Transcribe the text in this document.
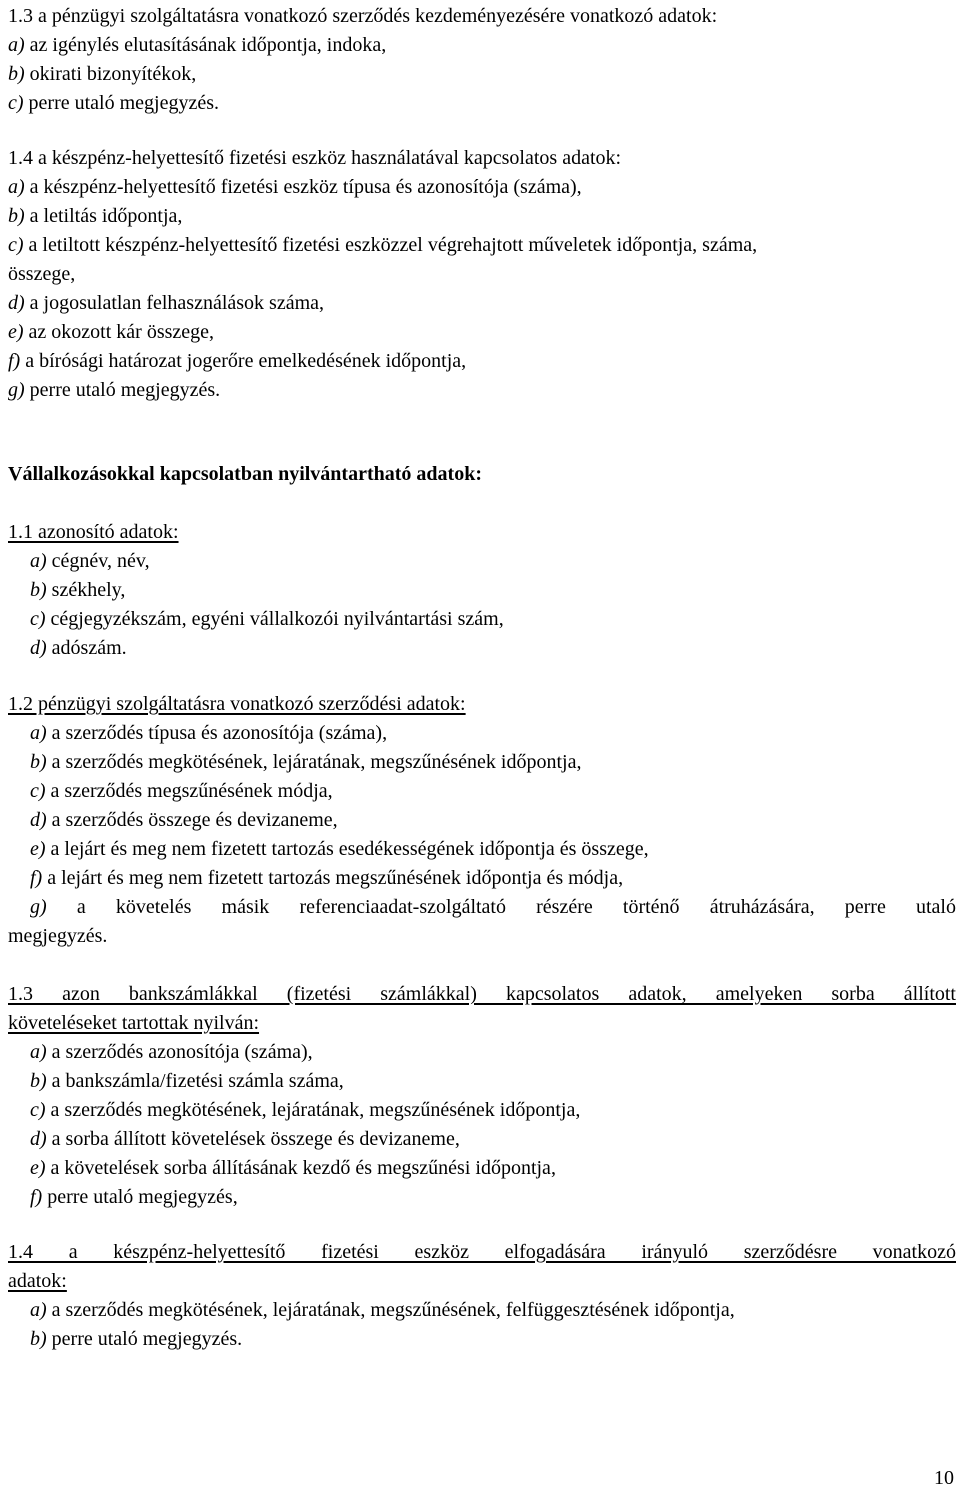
1.3 a pénzügyi szolgáltatásra vonatkozó szerződés kezdeményezésére vonatkozó adatok:
a) az igénylés elutasításának időpontja, indoka,
b) okirati bizonyítékok,
c) perre utaló megjegyzés.
1.4 a készpénz-helyettesítő fizetési eszköz használatával kapcsolatos adatok:
a) a készpénz-helyettesítő fizetési eszköz típusa és azonosítója (száma),
b) a letiltás időpontja,
c) a letiltott készpénz-helyettesítő fizetési eszközzel végrehajtott műveletek időpontja, száma,
összege,
d) a jogosulatlan felhasználások száma,
e) az okozott kár összege,
f) a bírósági határozat jogerőre emelkedésének időpontja,
g) perre utaló megjegyzés.
Vállalkozásokkal kapcsolatban nyilvántartható adatok:
1.1 azonosító adatok:
a) cégnév, név,
b) székhely,
c) cégjegyzékszám, egyéni vállalkozói nyilvántartási szám,
d) adószám.
1.2 pénzügyi szolgáltatásra vonatkozó szerződési adatok:
a) a szerződés típusa és azonosítója (száma),
b) a szerződés megkötésének, lejáratának, megszűnésének időpontja,
c) a szerződés megszűnésének módja,
d) a szerződés összege és devizaneme,
e) a lejárt és meg nem fizetett tartozás esedékességének időpontja és összege,
f) a lejárt és meg nem fizetett tartozás megszűnésének időpontja és módja,
g) a követelés másik referenciaadat-szolgáltató részére történő átruházására, perre utaló
megjegyzés.
1.3 azon bankszámlákkal (fizetési számlákkal) kapcsolatos adatok, amelyeken sorba állított
követeléseket tartottak nyilván:
a) a szerződés azonosítója (száma),
b) a bankszámla/fizetési számla száma,
c) a szerződés megkötésének, lejáratának, megszűnésének időpontja,
d) a sorba állított követelések összege és devizaneme,
e) a követelések sorba állításának kezdő és megszűnési időpontja,
f) perre utaló megjegyzés,
1.4 a készpénz-helyettesítő fizetési eszköz elfogadására irányuló szerződésre vonatkozó
adatok:
a) a szerződés megkötésének, lejáratának, megszűnésének, felfüggesztésének időpontja,
b) perre utaló megjegyzés.
10
